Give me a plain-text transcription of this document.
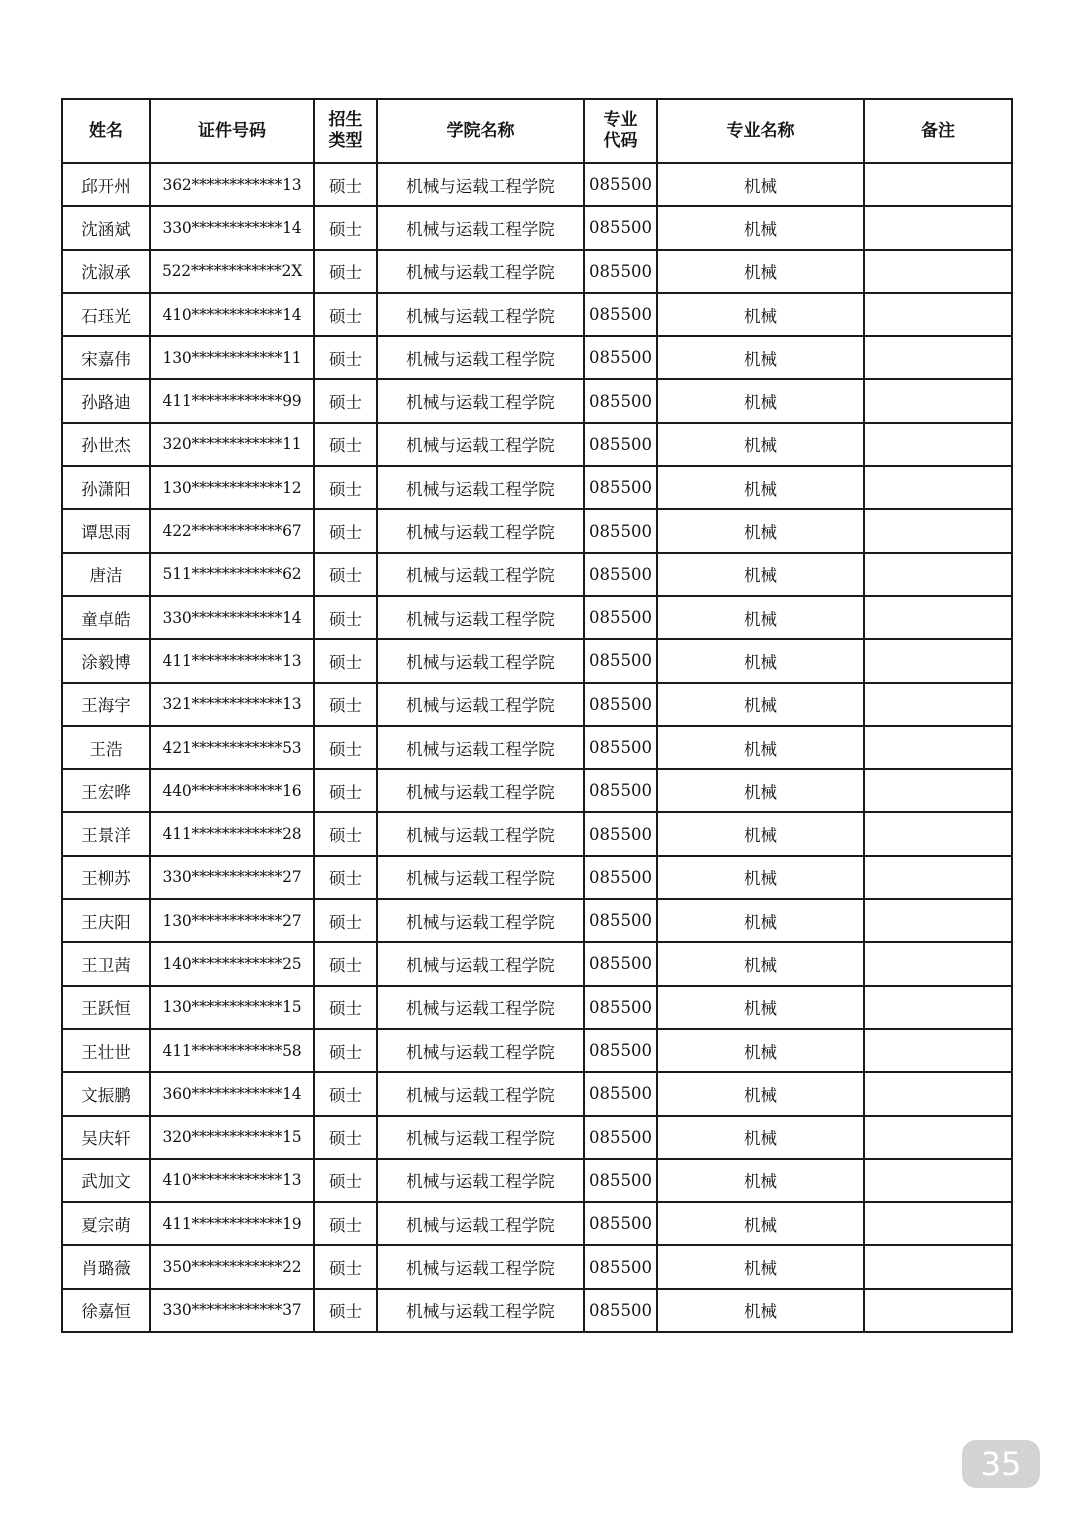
姓名	证件号码	招生类型	学院名称	专业代码	专业名称	备注
邱开州	362************13	硕士	机械与运载工程学院	085500	机械	
沈涵斌	330************14	硕士	机械与运载工程学院	085500	机械	
沈淑承	522************2X	硕士	机械与运载工程学院	085500	机械	
石珏光	410************14	硕士	机械与运载工程学院	085500	机械	
宋嘉伟	130************11	硕士	机械与运载工程学院	085500	机械	
孙路迪	411************99	硕士	机械与运载工程学院	085500	机械	
孙世杰	320************11	硕士	机械与运载工程学院	085500	机械	
孙潇阳	130************12	硕士	机械与运载工程学院	085500	机械	
谭思雨	422************67	硕士	机械与运载工程学院	085500	机械	
唐洁	511************62	硕士	机械与运载工程学院	085500	机械	
童卓皓	330************14	硕士	机械与运载工程学院	085500	机械	
涂毅博	411************13	硕士	机械与运载工程学院	085500	机械	
王海宇	321************13	硕士	机械与运载工程学院	085500	机械	
王浩	421************53	硕士	机械与运载工程学院	085500	机械	
王宏晔	440************16	硕士	机械与运载工程学院	085500	机械	
王景洋	411************28	硕士	机械与运载工程学院	085500	机械	
王柳苏	330************27	硕士	机械与运载工程学院	085500	机械	
王庆阳	130************27	硕士	机械与运载工程学院	085500	机械	
王卫茜	140************25	硕士	机械与运载工程学院	085500	机械	
王跃恒	130************15	硕士	机械与运载工程学院	085500	机械	
王壮世	411************58	硕士	机械与运载工程学院	085500	机械	
文振鹏	360************14	硕士	机械与运载工程学院	085500	机械	
吴庆轩	320************15	硕士	机械与运载工程学院	085500	机械	
武加文	410************13	硕士	机械与运载工程学院	085500	机械	
夏宗萌	411************19	硕士	机械与运载工程学院	085500	机械	
肖璐薇	350************22	硕士	机械与运载工程学院	085500	机械	
徐嘉恒	330************37	硕士	机械与运载工程学院	085500	机械	
35
